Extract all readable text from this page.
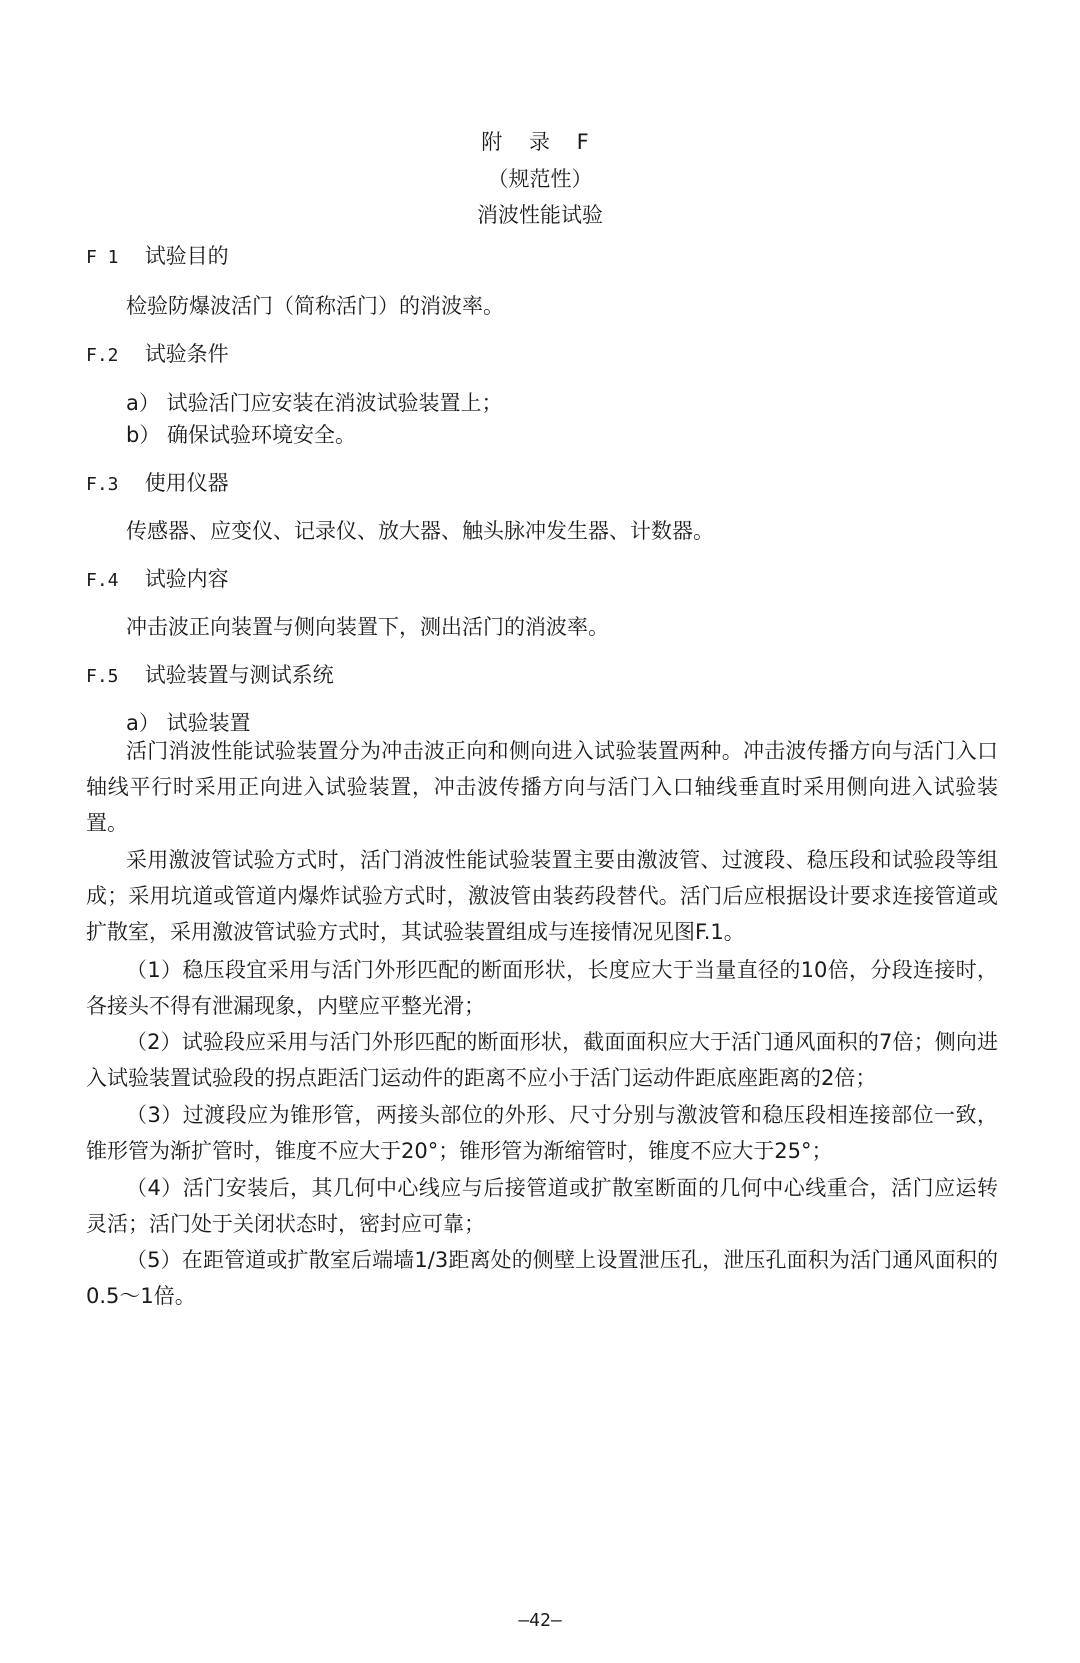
附 录 F
（规范性）
消波性能试验
F 1 试验目的
检验防爆波活门（简称活门）的消波率。
F.2 试验条件
a） 试验活门应安装在消波试验装置上；
b） 确保试验环境安全。
F.3 使用仪器
传感器、应变仪、记录仪、放大器、触头脉冲发生器、计数器。
F.4 试验内容
冲击波正向装置与侧向装置下，测出活门的消波率。
F.5 试验装置与测试系统
a） 试验装置
活门消波性能试验装置分为冲击波正向和侧向进入试验装置两种。冲击波传播方向与活门入口轴线平行时采用正向进入试验装置，冲击波传播方向与活门入口轴线垂直时采用侧向进入试验装置。
采用激波管试验方式时，活门消波性能试验装置主要由激波管、过渡段、稳压段和试验段等组成；采用坑道或管道内爆炸试验方式时，激波管由装药段替代。活门后应根据设计要求连接管道或扩散室，采用激波管试验方式时，其试验装置组成与连接情况见图F.1。
（1）稳压段宜采用与活门外形匹配的断面形状，长度应大于当量直径的10倍，分段连接时，各接头不得有泄漏现象，内壁应平整光滑；
（2）试验段应采用与活门外形匹配的断面形状，截面面积应大于活门通风面积的7倍；侧向进入试验装置试验段的拐点距活门运动件的距离不应小于活门运动件距底座距离的2倍；
（3）过渡段应为锥形管，两接头部位的外形、尺寸分别与激波管和稳压段相连接部位一致，锥形管为渐扩管时，锥度不应大于20°；锥形管为渐缩管时，锥度不应大于25°；
（4）活门安装后，其几何中心线应与后接管道或扩散室断面的几何中心线重合，活门应运转灵活；活门处于关闭状态时，密封应可靠；
（5）在距管道或扩散室后端墙1/3距离处的侧壁上设置泄压孔，泄压孔面积为活门通风面积的0.5～1倍。
—42—
